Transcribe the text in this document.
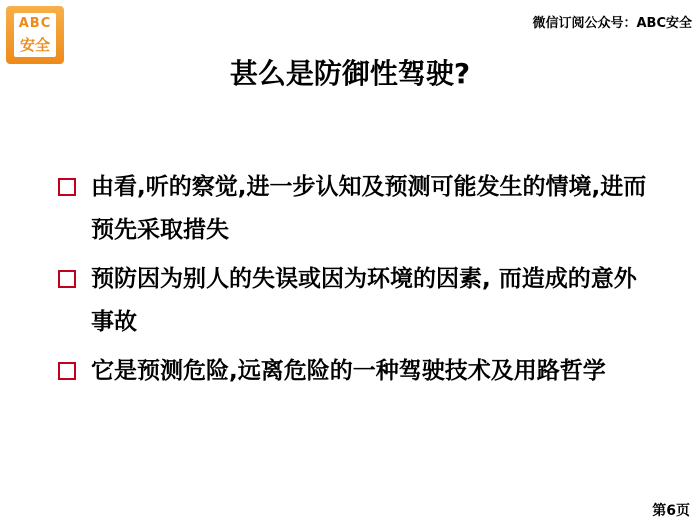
ABC
安全
微信订阅公众号：ABC安全
甚么是防御性驾驶?
由看,听的察觉,进一步认知及预测可能发生的情境,进而预先采取措失
预防因为别人的失误或因为环境的因素, 而造成的意外事故
它是预测危险,远离危险的一种驾驶技术及用路哲学
第6页
